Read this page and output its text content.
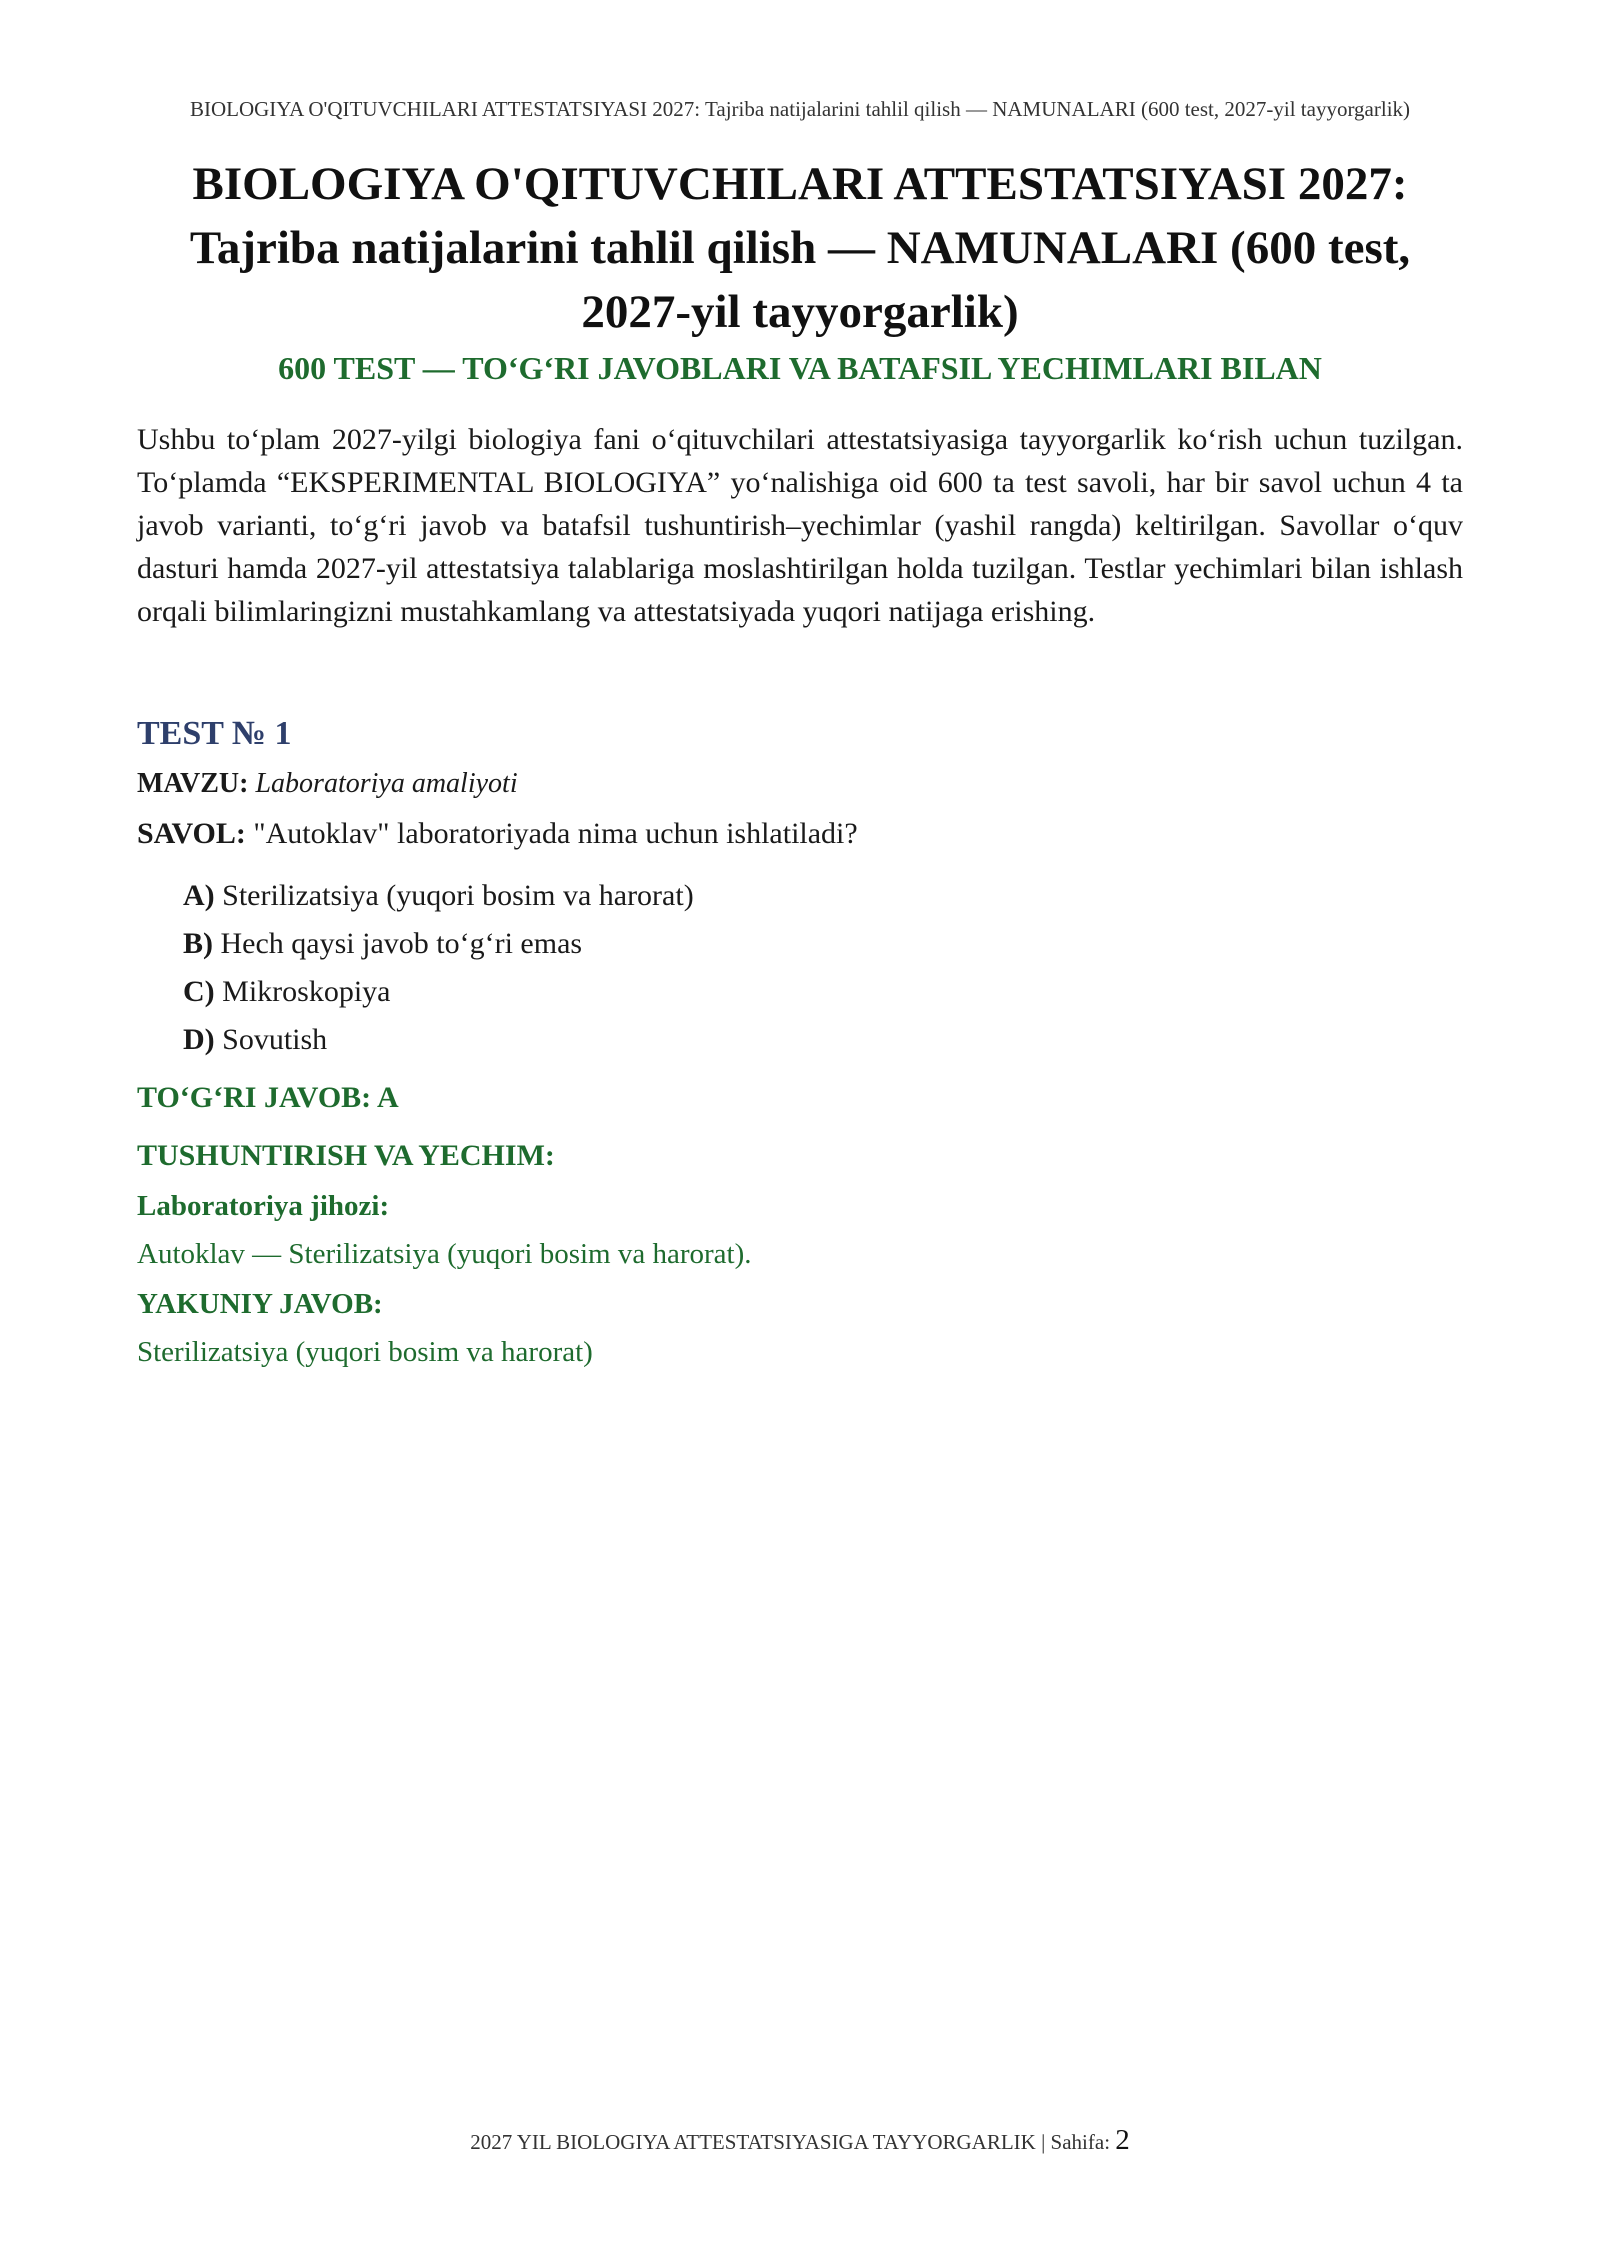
BIOLOGIYA O'QITUVCHILARI ATTESTATSIYASI 2027: Tajriba natijalarini tahlil qilish — NAMUNALARI (600 test, 2027-yil tayyorgarlik)
BIOLOGIYA O'QITUVCHILARI ATTESTATSIYASI 2027:
Tajriba natijalarini tahlil qilish — NAMUNALARI (600 test,
2027-yil tayyorgarlik)
600 TEST — TO‘G‘RI JAVOBLARI VA BATAFSIL YECHIMLARI BILAN

Ushbu to‘plam 2027-yilgi biologiya fani o‘qituvchilari attestatsiyasiga tayyorgarlik ko‘rish uchun tuzilgan. To‘plamda “EKSPERIMENTAL BIOLOGIYA” yo‘nalishiga oid 600 ta test savoli, har bir savol uchun 4 ta javob varianti, to‘g‘ri javob va batafsil tushuntirish–yechimlar (yashil rangda) keltirilgan. Savollar o‘quv dasturi hamda 2027-yil attestatsiya talablariga moslashtirilgan holda tuzilgan. Testlar yechimlari bilan ishlash orqali bilimlaringizni mustahkamlang va attestatsiyada yuqori natijaga erishing.

TEST № 1

MAVZU: Laboratoriya amaliyoti

SAVOL: "Autoklav" laboratoriyada nima uchun ishlatiladi?

A) Sterilizatsiya (yuqori bosim va harorat)
B) Hech qaysi javob to‘g‘ri emas
C) Mikroskopiya
D) Sovutish

TO‘G‘RI JAVOB: A

TUSHUNTIRISH VA YECHIM:

Laboratoriya jihozi:

Autoklav — Sterilizatsiya (yuqori bosim va harorat).

YAKUNIY JAVOB:

Sterilizatsiya (yuqori bosim va harorat)

2027 YIL BIOLOGIYA ATTESTATSIYASIGA TAYYORGARLIK | Sahifa: 2
